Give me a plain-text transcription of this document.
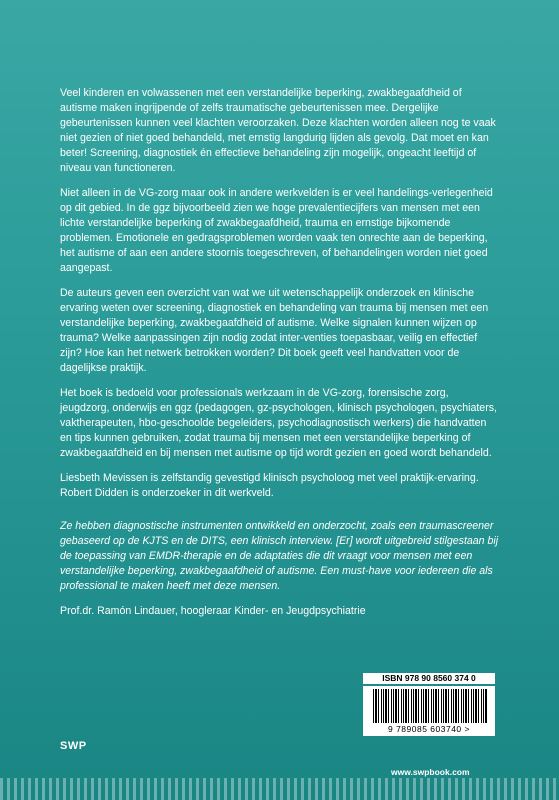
Veel kinderen en volwassenen met een verstandelijke beperking, zwakbegaafdheid of autisme maken ingrijpende of zelfs traumatische gebeurtenissen mee. Dergelijke gebeurtenissen kunnen veel klachten veroorzaken. Deze klachten worden alleen nog te vaak niet gezien of niet goed behandeld, met ernstig langdurig lijden als gevolg. Dat moet en kan beter! Screening, diagnostiek én effectieve behandeling zijn mogelijk, ongeacht leeftijd of niveau van functioneren.

Niet alleen in de VG-zorg maar ook in andere werkvelden is er veel handelings-verlegenheid op dit gebied. In de ggz bijvoorbeeld zien we hoge prevalentiecijfers van mensen met een lichte verstandelijke beperking of zwakbegaafdheid, trauma en ernstige bijkomende problemen. Emotionele en gedragsproblemen worden vaak ten onrechte aan de beperking, het autisme of aan een andere stoornis toegeschreven, of behandelingen worden niet goed aangepast.

De auteurs geven een overzicht van wat we uit wetenschappelijk onderzoek en klinische ervaring weten over screening, diagnostiek en behandeling van trauma bij mensen met een verstandelijke beperking, zwakbegaafdheid of autisme. Welke signalen kunnen wijzen op trauma? Welke aanpassingen zijn nodig zodat inter-venties toepasbaar, veilig en effectief zijn? Hoe kan het netwerk betrokken worden? Dit boek geeft veel handvatten voor de dagelijkse praktijk.

Het boek is bedoeld voor professionals werkzaam in de VG-zorg, forensische zorg, jeugdzorg, onderwijs en ggz (pedagogen, gz-psychologen, klinisch psychologen, psychiaters, vaktherapeuten, hbo-geschoolde begeleiders, psychodiagnostisch werkers) die handvatten en tips kunnen gebruiken, zodat trauma bij mensen met een verstandelijke beperking of zwakbegaafdheid en bij mensen met autisme op tijd wordt gezien en goed wordt behandeld.

Liesbeth Mevissen is zelfstandig gevestigd klinisch psycholoog met veel praktijk-ervaring. Robert Didden is onderzoeker in dit werkveld.

Ze hebben diagnostische instrumenten ontwikkeld en onderzocht, zoals een traumascreener gebaseerd op de KJTS en de DITS, een klinisch interview. [Er] wordt uitgebreid stilgestaan bij de toepassing van EMDR-therapie en de adaptaties die dit vraagt voor mensen met een verstandelijke beperking, zwakbegaafdheid of autisme. Een must-have voor iedereen die als professional te maken heeft met deze mensen.

Prof.dr. Ramón Lindauer, hoogleraar Kinder- en Jeugdpsychiatrie

ISBN 978 90 8560 374 0
9 789085 603740 >
SWP
www.swpbook.com
